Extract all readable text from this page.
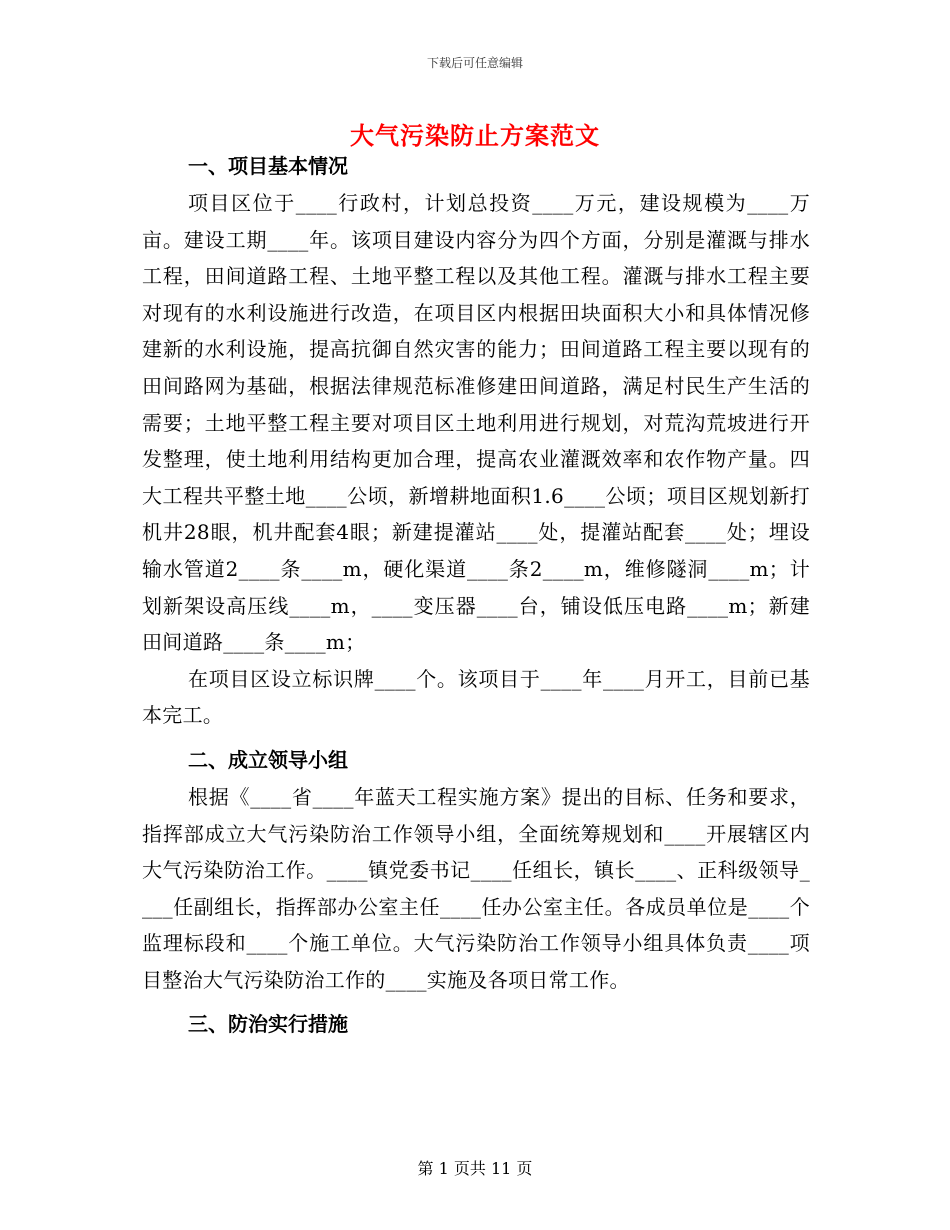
下载后可任意编辑
大气污染防止方案范文

一、项目基本情况

项目区位于____行政村，计划总投资____万元，建设规模为____万亩。建设工期____年。该项目建设内容分为四个方面，分别是灌溉与排水工程，田间道路工程、土地平整工程以及其他工程。灌溉与排水工程主要对现有的水利设施进行改造，在项目区内根据田块面积大小和具体情况修建新的水利设施，提高抗御自然灾害的能力；田间道路工程主要以现有的田间路网为基础，根据法律规范标准修建田间道路，满足村民生产生活的需要；土地平整工程主要对项目区土地利用进行规划，对荒沟荒坡进行开发整理，使土地利用结构更加合理，提高农业灌溉效率和农作物产量。四大工程共平整土地____公顷，新增耕地面积1.6____公顷；项目区规划新打机井28眼，机井配套4眼；新建提灌站____处，提灌站配套____处；埋设输水管道2____条____m，硬化渠道____条2____m，维修隧洞____m；计划新架设高压线____m，____变压器____台，铺设低压电路____m；新建田间道路____条____m；

在项目区设立标识牌____个。该项目于____年____月开工，目前已基本完工。

二、成立领导小组

根据《____省____年蓝天工程实施方案》提出的目标、任务和要求，指挥部成立大气污染防治工作领导小组，全面统筹规划和____开展辖区内大气污染防治工作。____镇党委书记____任组长，镇长____、正科级领导____任副组长，指挥部办公室主任____任办公室主任。各成员单位是____个监理标段和____个施工单位。大气污染防治工作领导小组具体负责____项目整治大气污染防治工作的____实施及各项日常工作。

三、防治实行措施

第 1 页共 11 页
